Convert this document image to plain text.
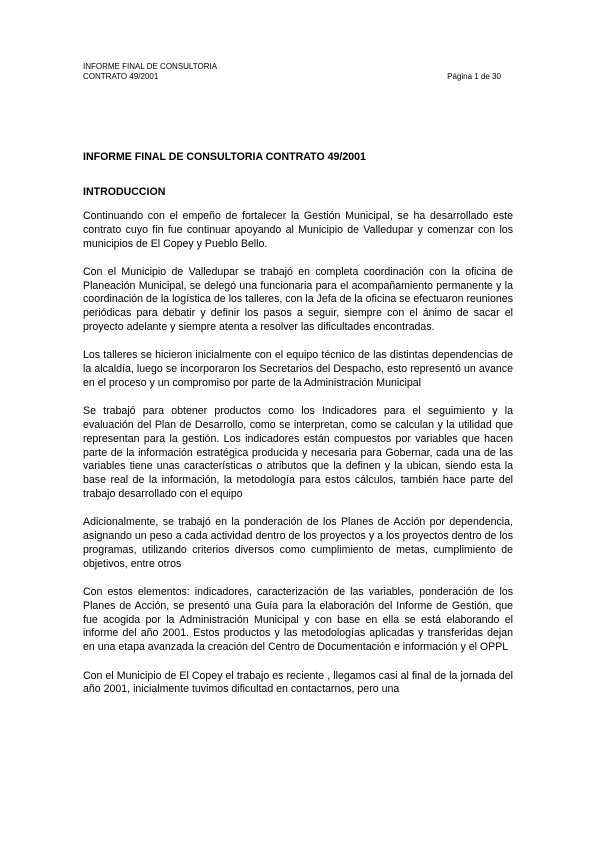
INFORME FINAL DE CONSULTORIA
CONTRATO 49/2001	Página 1 de 30
INFORME FINAL DE CONSULTORIA CONTRATO 49/2001
INTRODUCCION

Continuando con el empeño de fortalecer la Gestión Municipal, se ha desarrollado este contrato cuyo fin fue continuar apoyando al Municipio de Valledupar y comenzar con los municipios de El Copey y Pueblo Bello.

Con el Municipio de Valledupar se trabajó en completa coordinación con la oficina de Planeación Municipal, se delegó una funcionaria para el acompañamiento permanente y la coordinación de la logística de los talleres, con la Jefa de la oficina se efectuaron reuniones periódicas para debatir y definir los pasos a seguir, siempre con el ánimo de sacar el proyecto adelante y siempre atenta a resolver las dificultades encontradas.

Los talleres se hicieron inicialmente con el equipo técnico de las distintas dependencias de la alcaldía, luego se incorporaron los Secretarios del Despacho, esto representó un avance en el proceso y un compromiso por parte de la Administración Municipal

Se trabajó para obtener productos como los Indicadores para el seguimiento y la evaluación del Plan de Desarrollo, como se interpretan, como se calculan y la utilidad que representan para la gestión. Los indicadores están compuestos por variables que hacen parte de la información estratégica producida y necesaria para Gobernar, cada una de las variables tiene unas características o atributos que la definen y la ubican, siendo esta la base real de la información, la metodología para estos cálculos, también hace parte del trabajo desarrollado con el equipo

Adicionalmente, se trabajó en la ponderación de los Planes de Acción por dependencia, asignando un peso a cada actividad dentro de los proyectos y a los proyectos dentro de los programas, utilizando criterios diversos como cumplimiento de metas, cumplimiento de objetivos, entre otros

Con estos elementos: indicadores, caracterización de las variables, ponderación de los Planes de Acción, se presentó una Guía para la elaboración del Informe de Gestión, que fue acogida por la Administración Municipal y con base en ella se está elaborando el informe del año 2001. Estos productos y las metodologías aplicadas y transferidas dejan en una etapa avanzada la creación del Centro de Documentación e información y el OPPL

Con el Municipio de El Copey el trabajo es reciente , llegamos casi al final de la jornada del año 2001, inicialmente tuvimos dificultad en contactarnos, pero una
